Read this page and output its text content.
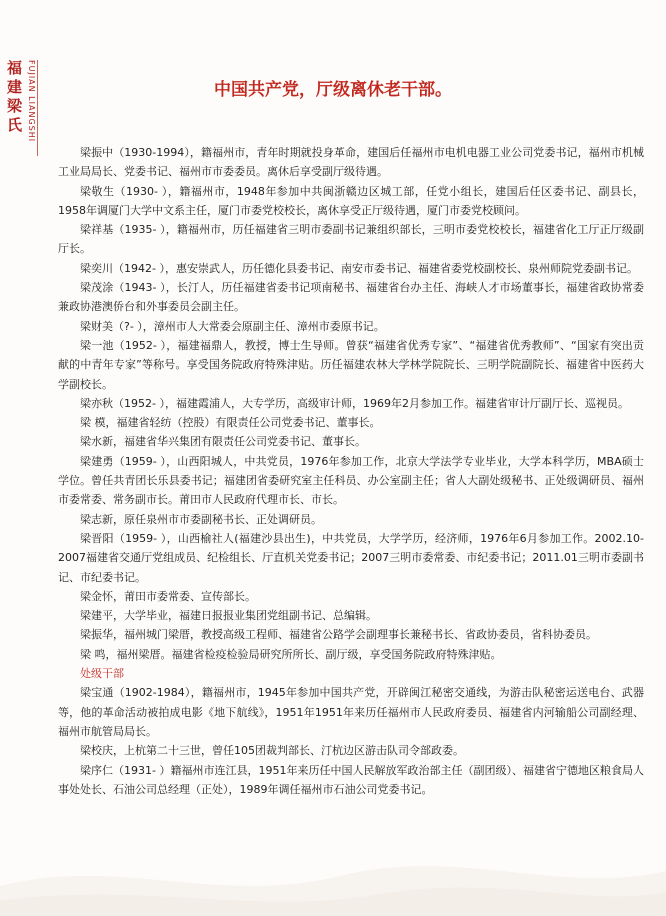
福建梁氏 FUJIAN LIANGSHI	中国共产党，厅级离休老干部。

梁振中（1930-1994），籍福州市，青年时期就投身革命，建国后任福州市电机电器工业公司党委书记，福州市机械工业局局长、党委书记、福州市市委委员。离休后享受副厅级待遇。

梁敬生（1930- ），籍福州市，1948年参加中共闽浙赣边区城工部，任党小组长，建国后任区委书记、副县长，1958年调厦门大学中文系主任，厦门市委党校校长，离休享受正厅级待遇，厦门市委党校顾问。

梁祥基（1935- ），籍福州市，历任福建省三明市委副书记兼组织部长，三明市委党校校长，福建省化工厅正厅级副厅长。

梁奕川（1942- ），惠安崇武人，历任德化县委书记、南安市委书记、福建省委党校副校长、泉州师院党委副书记。

梁茂涂（1943- ），长汀人，历任福建省委书记项南秘书、福建省台办主任、海峡人才市场董事长，福建省政协常委兼政协港澳侨台和外事委员会副主任。

梁财美（?- ），漳州市人大常委会原副主任、漳州市委原书记。

梁一池（1952- ），福建福鼎人，教授，博士生导师。曾获“福建省优秀专家”、“福建省优秀教师”、“国家有突出贡献的中青年专家”等称号。享受国务院政府特殊津贴。历任福建农林大学林学院院长、三明学院副院长、福建省中医药大学副校长。

梁亦秋（1952- ），福建霞浦人，大专学历，高级审计师，1969年2月参加工作。福建省审计厅副厅长、巡视员。

梁 模，福建省轻纺（控股）有限责任公司党委书记、董事长。

梁水新，福建省华兴集团有限责任公司党委书记、董事长。

梁建勇（1959- ），山西阳城人，中共党员，1976年参加工作，北京大学法学专业毕业，大学本科学历，MBA硕士学位。曾任共青团长乐县委书记；福建团省委研究室主任科员、办公室副主任；省人大副处级秘书、正处级调研员、福州市委常委、常务副市长。莆田市人民政府代理市长、市长。

梁志新，原任泉州市市委副秘书长、正处调研员。

梁晋阳（1959- ），山西榆社人(福建沙县出生)，中共党员，大学学历，经济师，1976年6月参加工作。2002.10-2007福建省交通厅党组成员、纪检组长、厅直机关党委书记；2007三明市委常委、市纪委书记；2011.01三明市委副书记、市纪委书记。

梁金怀，莆田市委常委、宣传部长。

梁建平，大学毕业，福建日报报业集团党组副书记、总编辑。

梁振华，福州城门梁厝，教授高级工程师、福建省公路学会副理事长兼秘书长、省政协委员，省科协委员。

梁 鸣，福州梁厝。福建省检疫检验局研究所所长、副厅级，享受国务院政府特殊津贴。

处级干部

梁宝通（1902-1984），籍福州市，1945年参加中国共产党，开辟闽江秘密交通线，为游击队秘密运送电台、武器等，他的革命活动被拍成电影《地下航线》，1951年1951年来历任福州市人民政府委员、福建省内河输船公司副经理、福州市航管局局长。

梁校庆，上杭第二十三世，曾任105团裁判部长、汀杭边区游击队司令部政委。

梁序仁（1931- ）籍福州市连江县，1951年来历任中国人民解放军政治部主任（副团级）、福建省宁德地区粮食局人事处处长、石油公司总经理（正处），1989年调任福州市石油公司党委书记。
